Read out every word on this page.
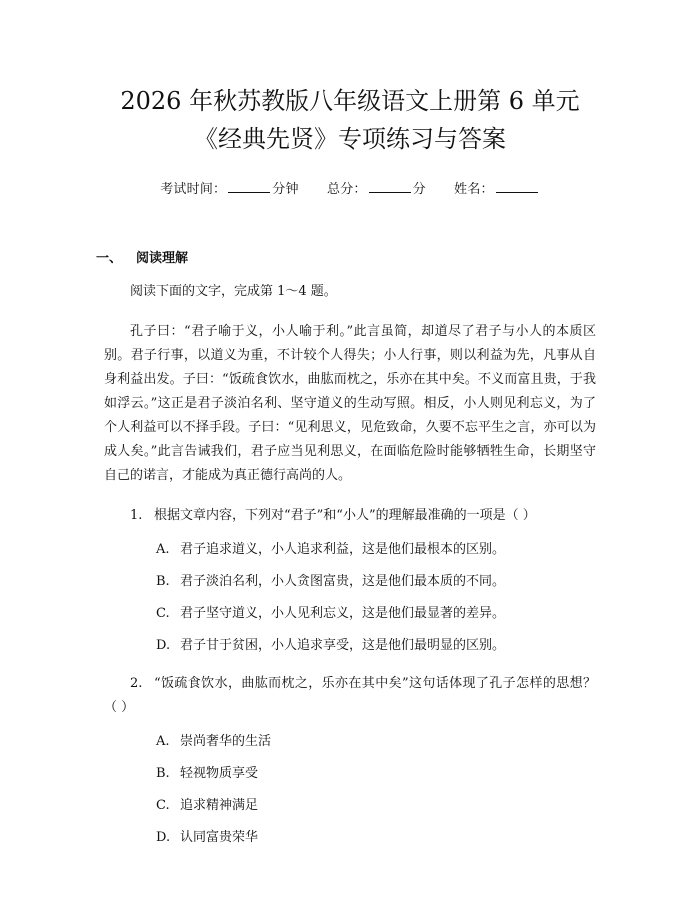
2026 年秋苏教版八年级语文上册第 6 单元
《经典先贤》专项练习与答案
考试时间：	分钟 总分：	分 姓名：
一、 阅读理解

阅读下面的文字，完成第 1～4 题。

孔子曰：“君子喻于义，小人喻于利。”此言虽简，却道尽了君子与小人的本质区别。君子行事，以道义为重，不计较个人得失；小人行事，则以利益为先，凡事从自身利益出发。子曰：“饭疏食饮水，曲肱而枕之，乐亦在其中矣。不义而富且贵，于我如浮云。”这正是君子淡泊名利、坚守道义的生动写照。相反，小人则见利忘义，为了个人利益可以不择手段。子曰：“见利思义，见危致命，久要不忘平生之言，亦可以为成人矣。”此言告诫我们，君子应当见利思义，在面临危险时能够牺牲生命，长期坚守自己的诺言，才能成为真正德行高尚的人。

1. 根据文章内容，下列对“君子”和“小人”的理解最准确的一项是（ ）
A. 君子追求道义，小人追求利益，这是他们最根本的区别。
B. 君子淡泊名利，小人贪图富贵，这是他们最本质的不同。
C. 君子坚守道义，小人见利忘义，这是他们最显著的差异。
D. 君子甘于贫困，小人追求享受，这是他们最明显的区别。
2. “饭疏食饮水，曲肱而枕之，乐亦在其中矣”这句话体现了孔子怎样的思想？（ ）
A. 崇尚奢华的生活
B. 轻视物质享受
C. 追求精神满足
D. 认同富贵荣华
